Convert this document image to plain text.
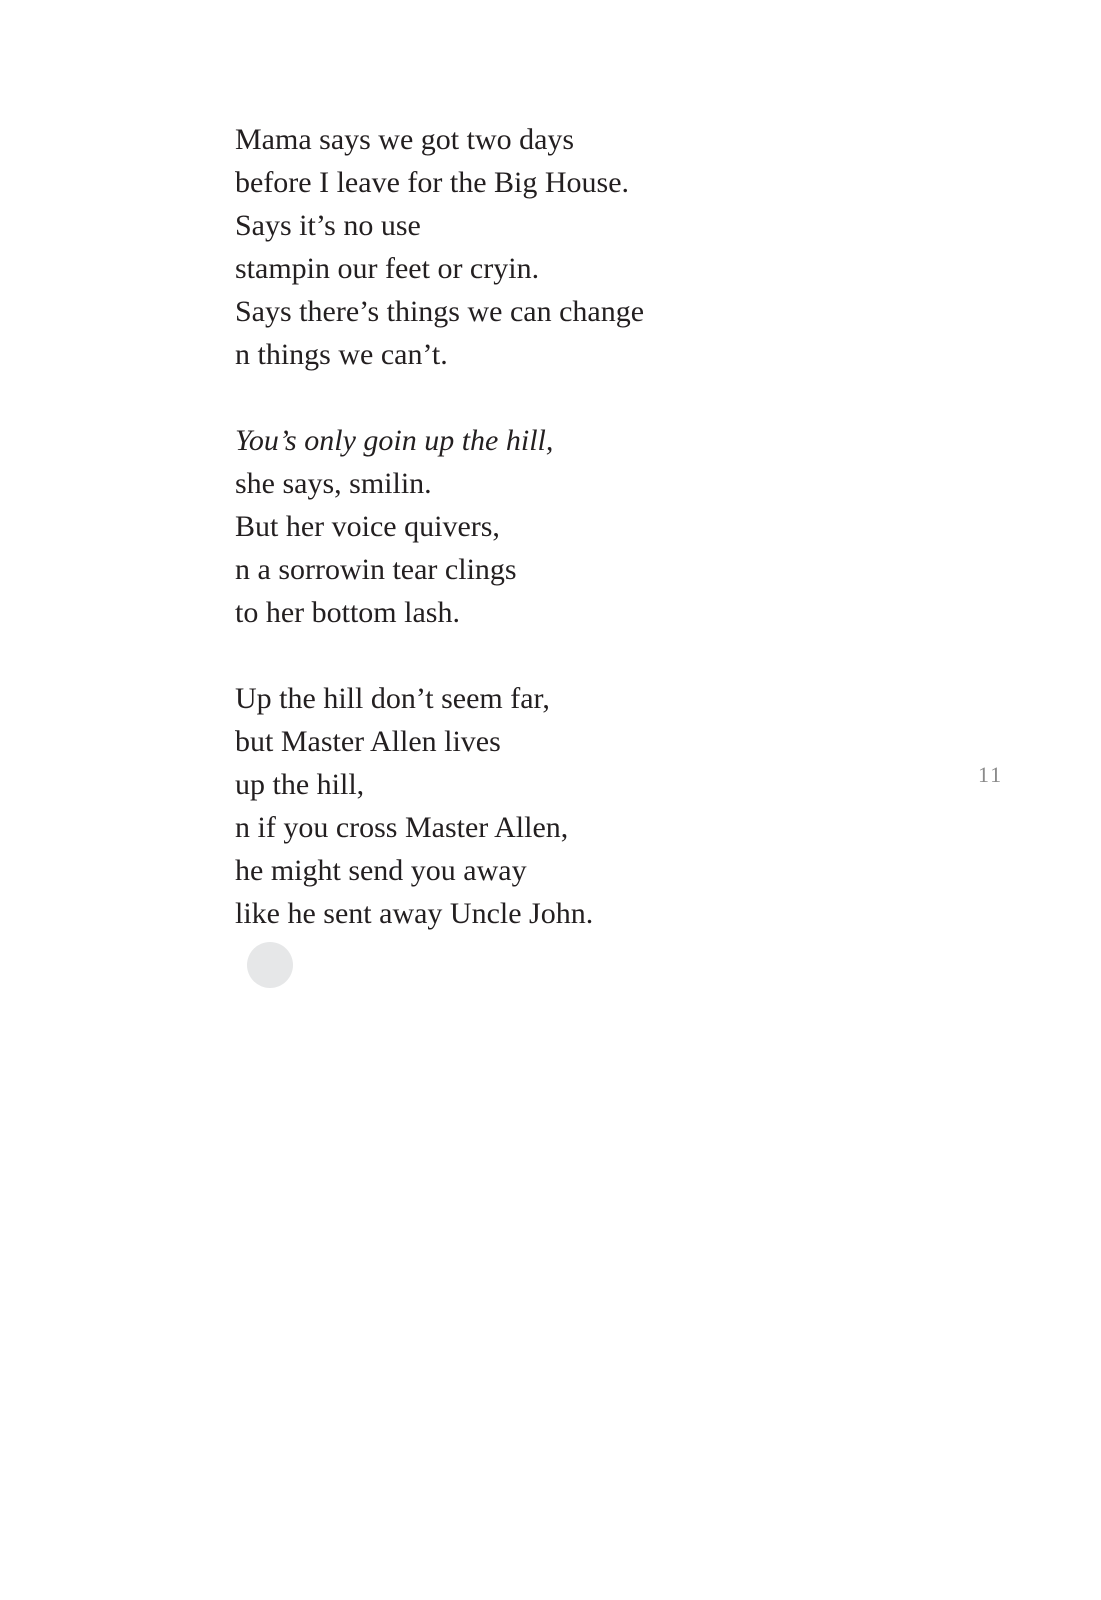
Mama says we got two days
before I leave for the Big House.
Says it’s no use
stampin our feet or cryin.
Says there’s things we can change
n things we can’t.
You’s only goin up the hill,
she says, smilin.
But her voice quivers,
n a sorrowin tear clings
to her bottom lash.
Up the hill don’t seem far,
but Master Allen lives
up the hill,
n if you cross Master Allen,
he might send you away
like he sent away Uncle John.
11
